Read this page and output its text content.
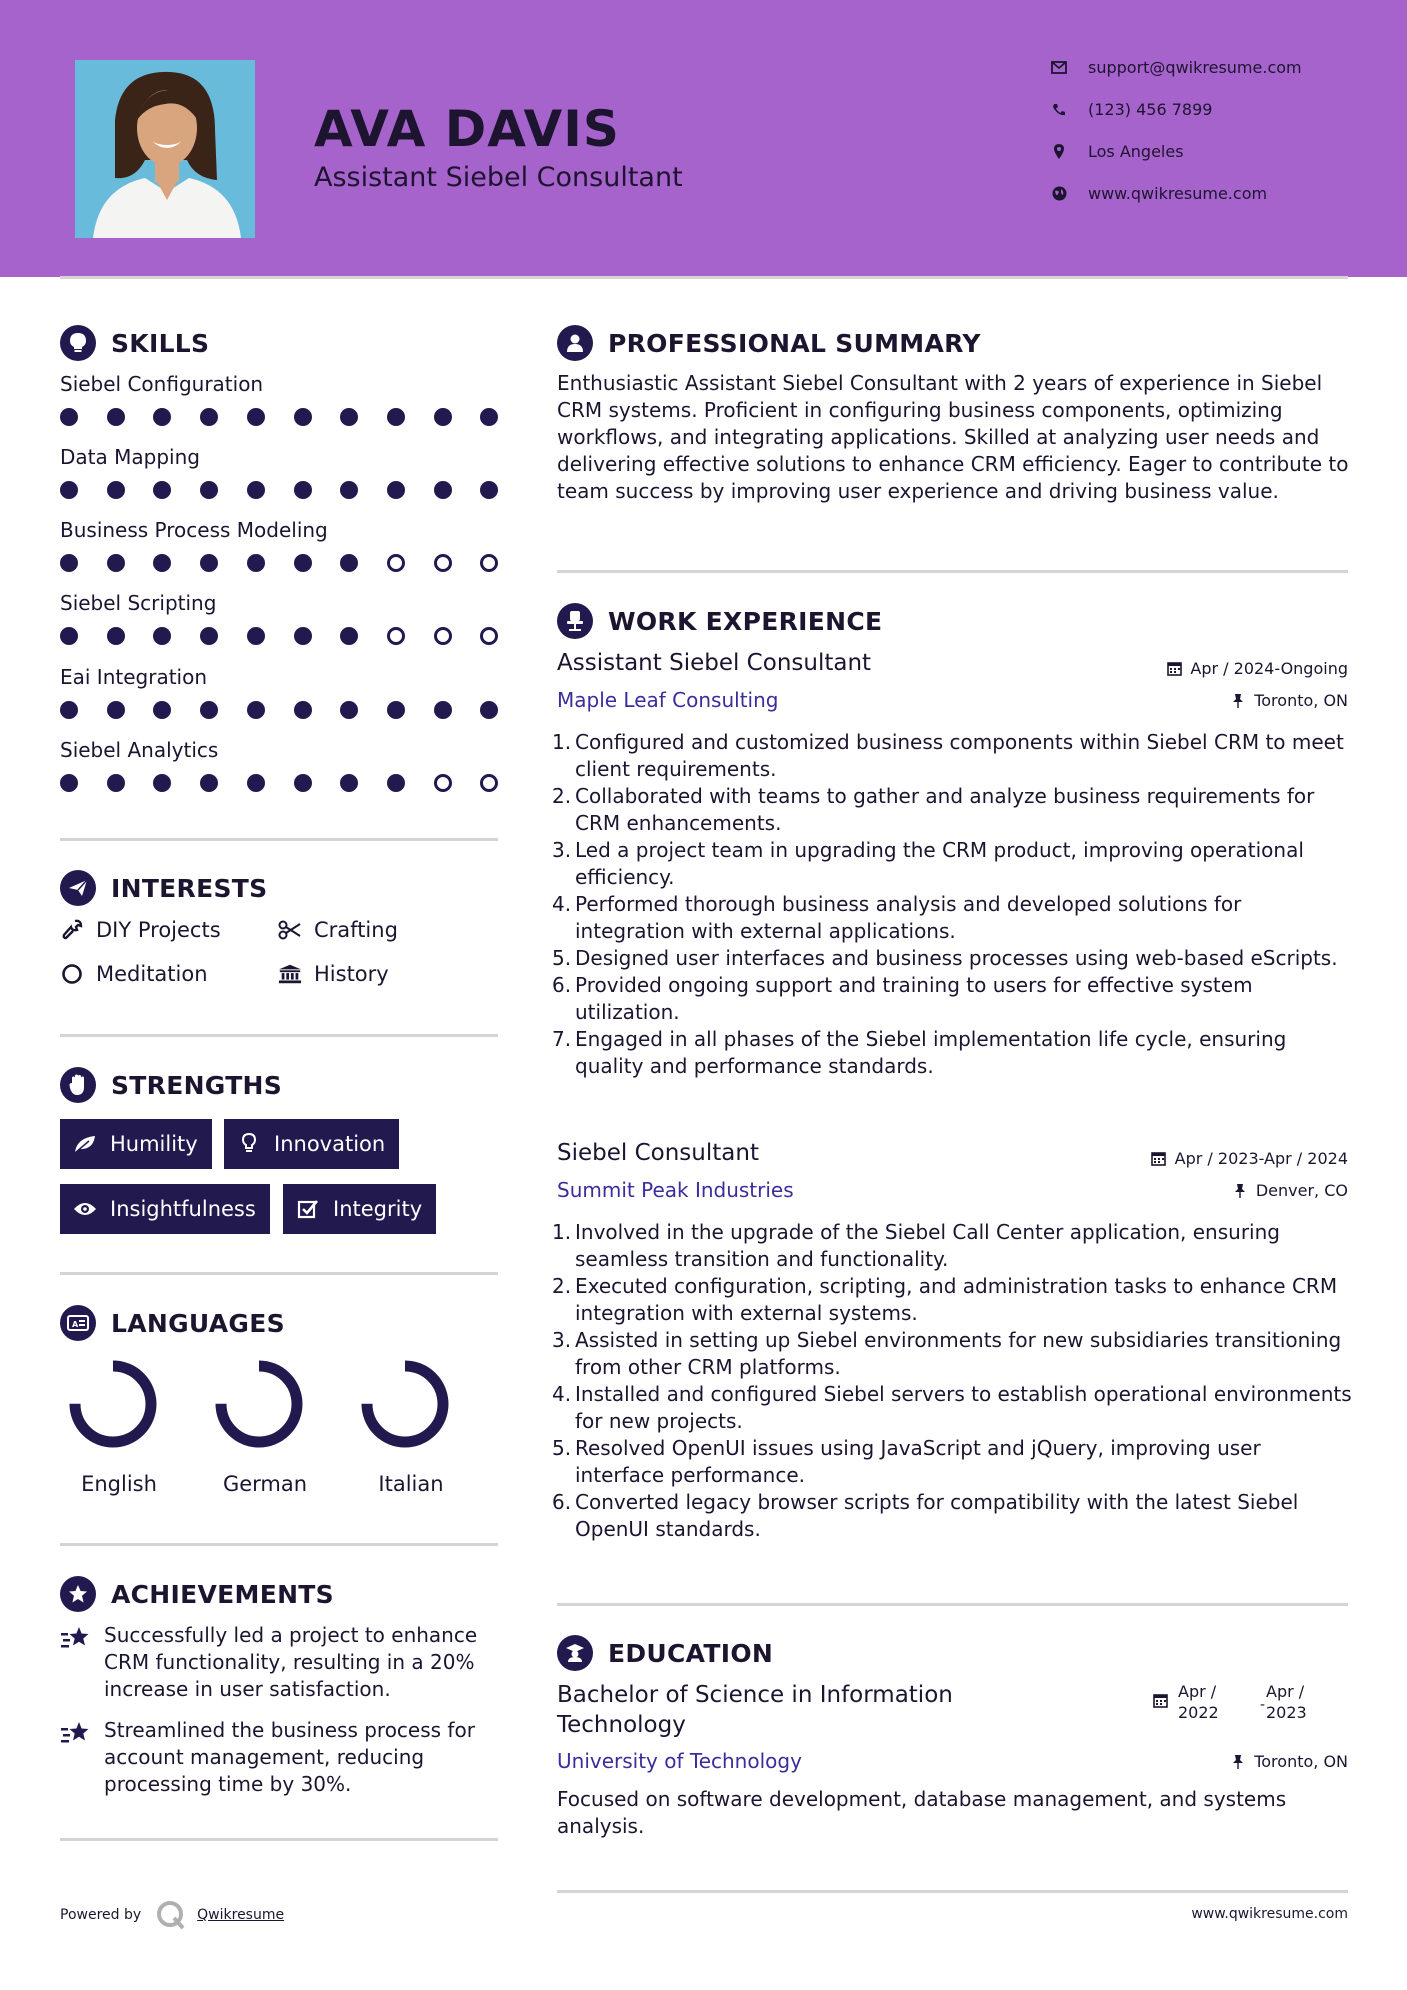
AVA DAVIS
Assistant Siebel Consultant
support@qwikresume.com
(123) 456 7899
Los Angeles
www.qwikresume.com
SKILLS
Siebel Configuration
Data Mapping
Business Process Modeling
Siebel Scripting
Eai Integration
Siebel Analytics
INTERESTS
DIY Projects	Crafting
Meditation	History
STRENGTHS
Humility	Innovation
Insightfulness	Integrity
A LANGUAGES
English	German	Italian
ACHIEVEMENTS
Successfully led a project to enhance CRM functionality, resulting in a 20% increase in user satisfaction.
Streamlined the business process for account management, reducing processing time by 30%.
PROFESSIONAL SUMMARY
Enthusiastic Assistant Siebel Consultant with 2 years of experience in Siebel CRM systems. Proficient in configuring business components, optimizing workflows, and integrating applications. Skilled at analyzing user needs and delivering effective solutions to enhance CRM efficiency. Eager to contribute to team success by improving user experience and driving business value.
WORK EXPERIENCE
Assistant Siebel Consultant	Apr / 2024-Ongoing
Maple Leaf Consulting	Toronto, ON
Configured and customized business components within Siebel CRM to meet client requirements.
Collaborated with teams to gather and analyze business requirements for CRM enhancements.
Led a project team in upgrading the CRM product, improving operational efficiency.
Performed thorough business analysis and developed solutions for integration with external applications.
Designed user interfaces and business processes using web-based eScripts.
Provided ongoing support and training to users for effective system utilization.
Engaged in all phases of the Siebel implementation life cycle, ensuring quality and performance standards.
Siebel Consultant	Apr / 2023-Apr / 2024
Summit Peak Industries	Denver, CO
Involved in the upgrade of the Siebel Call Center application, ensuring seamless transition and functionality.
Executed configuration, scripting, and administration tasks to enhance CRM integration with external systems.
Assisted in setting up Siebel environments for new subsidiaries transitioning from other CRM platforms.
Installed and configured Siebel servers to establish operational environments for new projects.
Resolved OpenUI issues using JavaScript and jQuery, improving user interface performance.
Converted legacy browser scripts for compatibility with the latest Siebel OpenUI standards.
EDUCATION
Bachelor of Science in Information Technology
Apr /
2022	-
Apr /
2023
University of Technology	Toronto, ON
Focused on software development, database management, and systems analysis.
Powered by	Qwikresume	www.qwikresume.com
